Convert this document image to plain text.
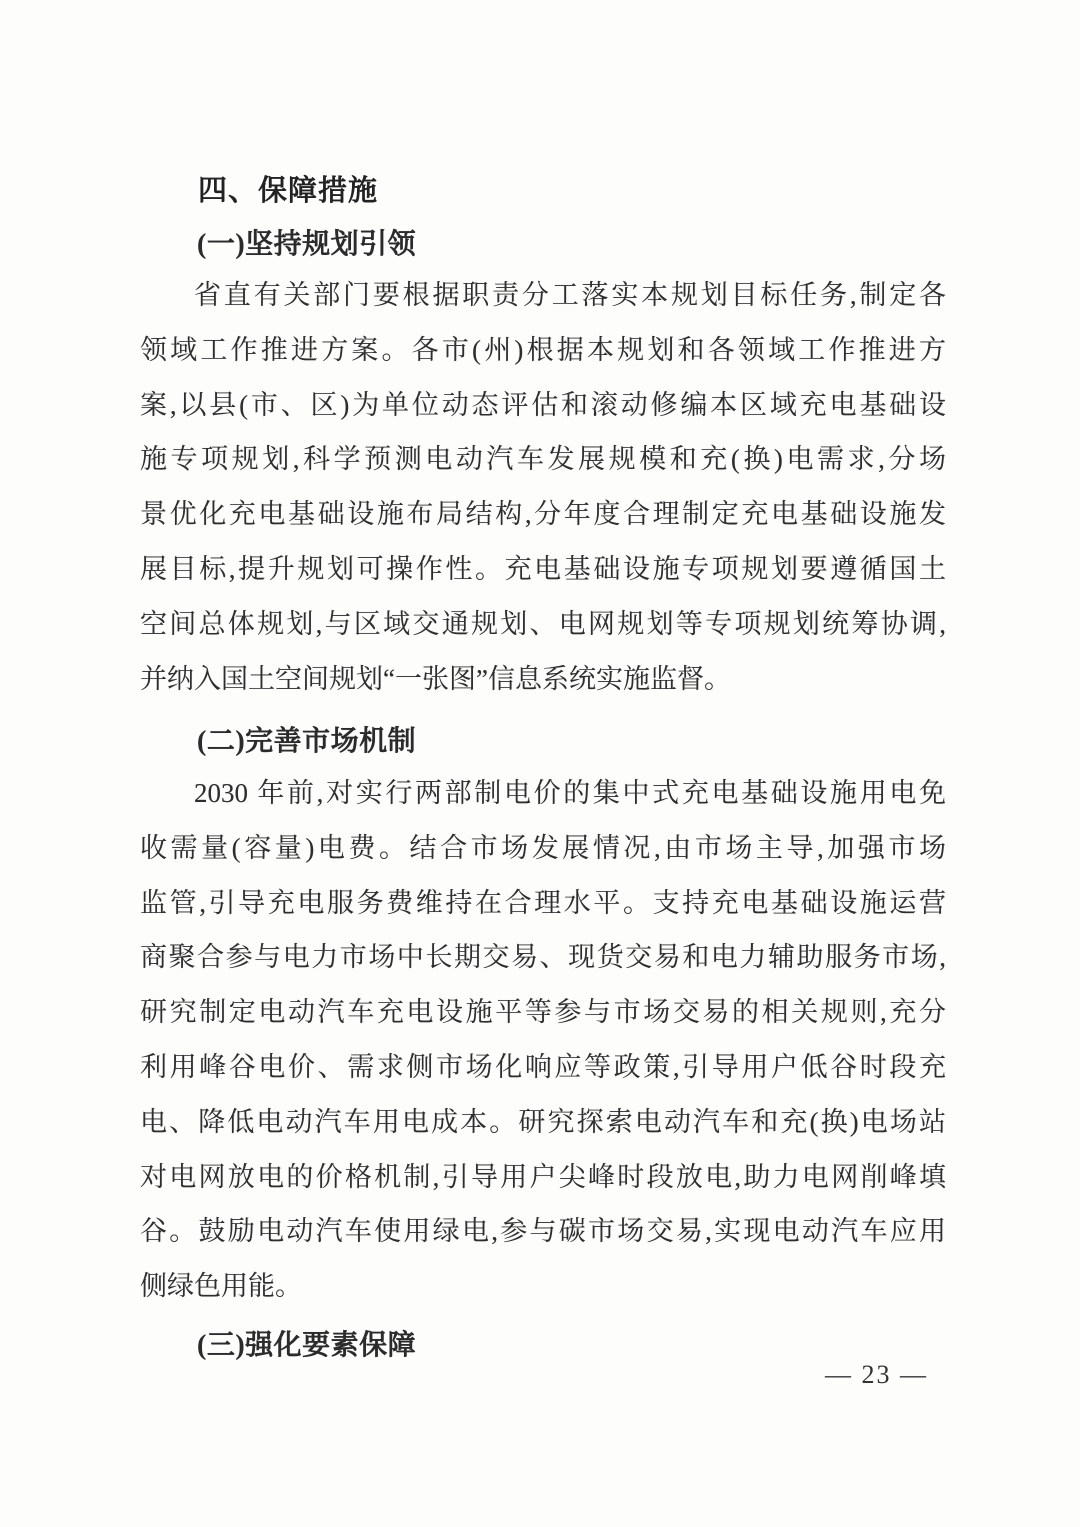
四、保障措施
(一)坚持规划引领
省直有关部门要根据职责分工落实本规划目标任务,制定各
领域工作推进方案。各市(州)根据本规划和各领域工作推进方
案,以县(市、区)为单位动态评估和滚动修编本区域充电基础设
施专项规划,科学预测电动汽车发展规模和充(换)电需求,分场
景优化充电基础设施布局结构,分年度合理制定充电基础设施发
展目标,提升规划可操作性。充电基础设施专项规划要遵循国土
空间总体规划,与区域交通规划、电网规划等专项规划统筹协调,
并纳入国土空间规划“一张图”信息系统实施监督。
(二)完善市场机制
2030 年前,对实行两部制电价的集中式充电基础设施用电免
收需量(容量)电费。结合市场发展情况,由市场主导,加强市场
监管,引导充电服务费维持在合理水平。支持充电基础设施运营
商聚合参与电力市场中长期交易、现货交易和电力辅助服务市场,
研究制定电动汽车充电设施平等参与市场交易的相关规则,充分
利用峰谷电价、需求侧市场化响应等政策,引导用户低谷时段充
电、降低电动汽车用电成本。研究探索电动汽车和充(换)电场站
对电网放电的价格机制,引导用户尖峰时段放电,助力电网削峰填
谷。鼓励电动汽车使用绿电,参与碳市场交易,实现电动汽车应用
侧绿色用能。
(三)强化要素保障
— 23 —
